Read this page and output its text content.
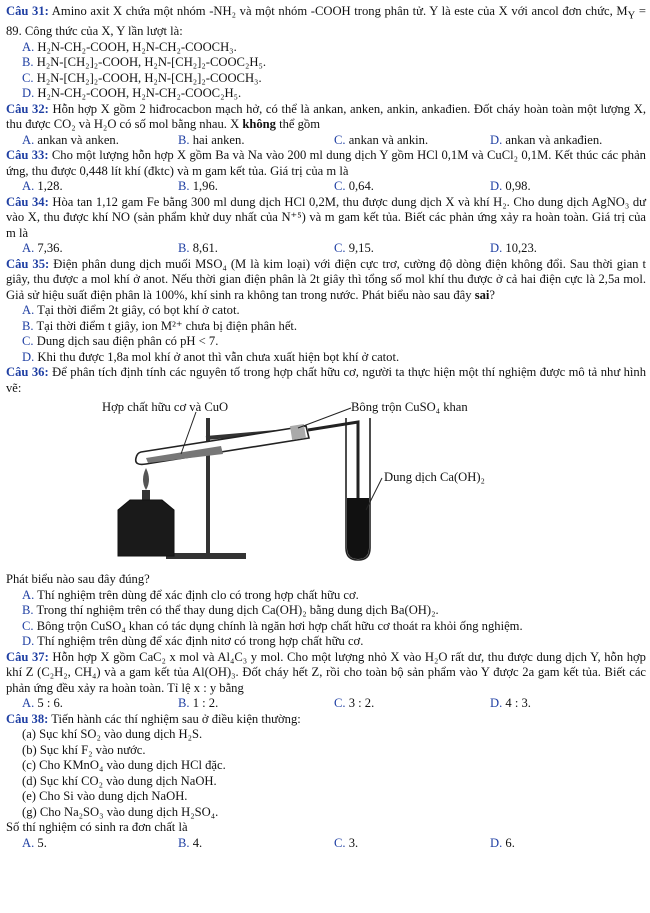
Câu 31: Amino axit X chứa một nhóm -NH₂ và một nhóm -COOH trong phân tử. Y là este của X với ancol đơn chức, $M_Y = 89$. Công thức của X, Y lần lượt là:

A. H₂N-CH₂-COOH, H₂N-CH₂-COOCH₃.
B. H₂N-[CH₂]₂-COOH, H₂N-[CH₂]₂-COOC₂H₅.
C. H₂N-[CH₂]₂-COOH, H₂N-[CH₂]₂-COOCH₃.
D. H₂N-CH₂-COOH, H₂N-CH₂-COOC₂H₅.

Câu 32: Hỗn hợp X gồm 2 hiđrocacbon mạch hở, có thể là ankan, anken, ankin, ankađien. Đốt cháy hoàn toàn một lượng X, thu được CO₂ và H₂O có số mol bằng nhau. X không thể gồm

A. ankan và anken.	B. hai anken.	C. ankan và ankin.	D. ankan và ankađien.

Câu 33: Cho một lượng hỗn hợp X gồm Ba và Na vào 200 ml dung dịch Y gồm HCl 0,1M và CuCl₂ 0,1M. Kết thúc các phản ứng, thu được 0,448 lít khí (đktc) và m gam kết tủa. Giá trị của m là

A. 1,28.	B. 1,96.	C. 0,64.	D. 0,98.

Câu 34: Hòa tan 1,12 gam Fe bằng 300 ml dung dịch HCl 0,2M, thu được dung dịch X và khí H₂. Cho dung dịch AgNO₃ dư vào X, thu được khí NO (sản phẩm khử duy nhất của N⁺⁵) và m gam kết tủa. Biết các phản ứng xảy ra hoàn toàn. Giá trị của m là

A. 7,36.	B. 8,61.	C. 9,15.	D. 10,23.

Câu 35: Điện phân dung dịch muối MSO₄ (M là kim loại) với điện cực trơ, cường độ dòng điện không đổi. Sau thời gian t giây, thu được a mol khí ở anot. Nếu thời gian điện phân là 2t giây thì tổng số mol khí thu được ở cả hai điện cực là 2,5a mol. Giả sử hiệu suất điện phân là 100%, khí sinh ra không tan trong nước. Phát biểu nào sau đây sai?

A. Tại thời điểm 2t giây, có bọt khí ở catot.
B. Tại thời điểm t giây, ion M²⁺ chưa bị điện phân hết.
C. Dung dịch sau điện phân có pH < 7.
D. Khi thu được 1,8a mol khí ở anot thì vẫn chưa xuất hiện bọt khí ở catot.

Câu 36: Để phân tích định tính các nguyên tố trong hợp chất hữu cơ, người ta thực hiện một thí nghiệm được mô tả như hình vẽ:

Hợp chất hữu cơ và CuO	Bông trộn CuSO₄ khan
Dung dịch Ca(OH)₂
Phát biểu nào sau đây đúng?
A. Thí nghiệm trên dùng để xác định clo có trong hợp chất hữu cơ.
B. Trong thí nghiệm trên có thể thay dung dịch Ca(OH)₂ bằng dung dịch Ba(OH)₂.
C. Bông trộn CuSO₄ khan có tác dụng chính là ngăn hơi hợp chất hữu cơ thoát ra khỏi ống nghiệm.
D. Thí nghiệm trên dùng để xác định nitơ có trong hợp chất hữu cơ.

Câu 37: Hỗn hợp X gồm CaC₂ x mol và Al₄C₃ y mol. Cho một lượng nhỏ X vào H₂O rất dư, thu được dung dịch Y, hỗn hợp khí Z (C₂H₂, CH₄) và a gam kết tủa Al(OH)₃. Đốt cháy hết Z, rồi cho toàn bộ sản phẩm vào Y được 2a gam kết tủa. Biết các phản ứng đều xảy ra hoàn toàn. Tỉ lệ x : y bằng

A. 5 : 6.	B. 1 : 2.	C. 3 : 2.	D. 4 : 3.

Câu 38: Tiến hành các thí nghiệm sau ở điều kiện thường:

(a) Sục khí SO₂ vào dung dịch H₂S.
(b) Sục khí F₂ vào nước.
(c) Cho KMnO₄ vào dung dịch HCl đặc.
(d) Sục khí CO₂ vào dung dịch NaOH.
(e) Cho Si vào dung dịch NaOH.
(g) Cho Na₂SO₃ vào dung dịch H₂SO₄.
Số thí nghiệm có sinh ra đơn chất là
A. 5.	B. 4.	C. 3.	D. 6.
